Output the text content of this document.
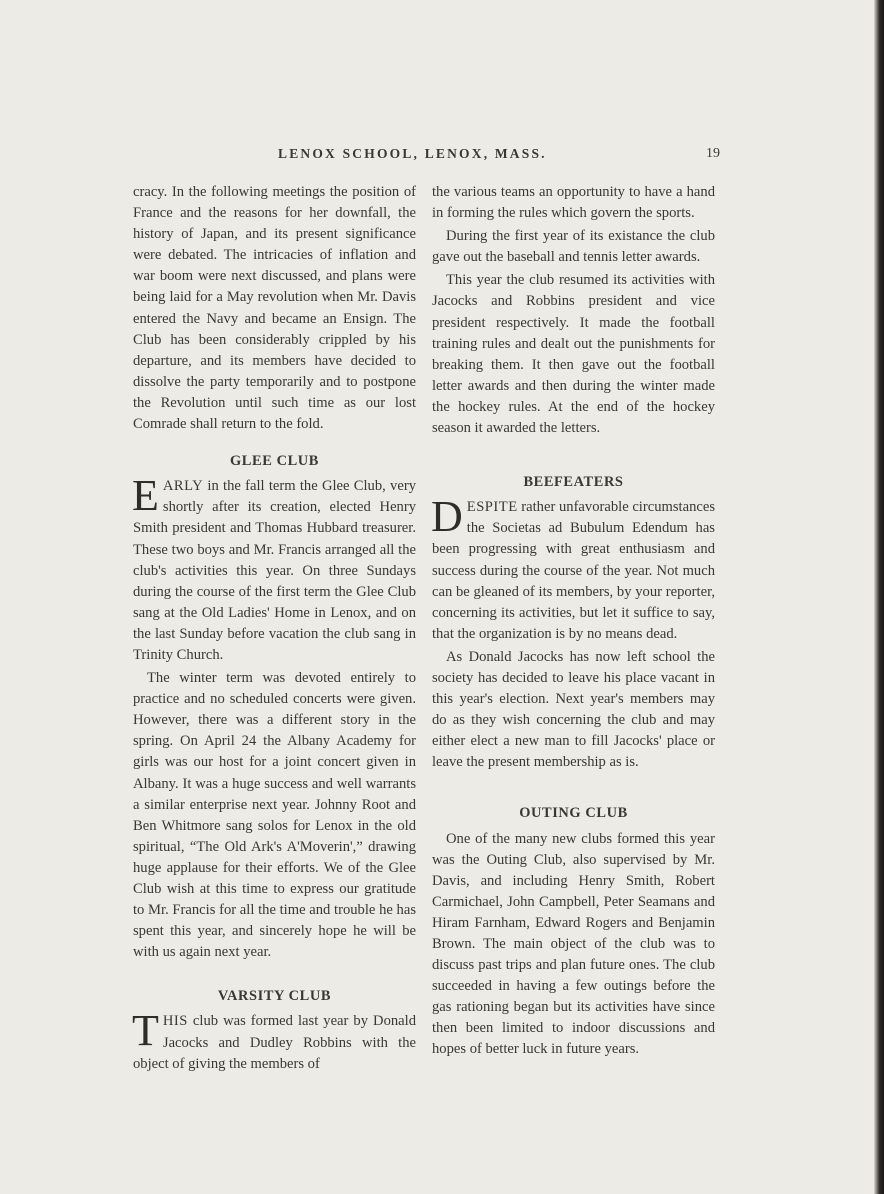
LENOX SCHOOL, LENOX, MASS.	19

cracy. In the following meetings the position of France and the reasons for her downfall, the history of Japan, and its present significance were debated. The intricacies of inflation and war boom were next discussed, and plans were being laid for a May revolution when Mr. Davis entered the Navy and became an Ensign. The Club has been considerably crippled by his departure, and its members have decided to dissolve the party temporarily and to postpone the Revolution until such time as our lost Comrade shall return to the fold.

GLEE CLUB

EARLY in the fall term the Glee Club, very shortly after its creation, elected Henry Smith president and Thomas Hubbard treasurer. These two boys and Mr. Francis arranged all the club's activities this year. On three Sundays during the course of the first term the Glee Club sang at the Old Ladies' Home in Lenox, and on the last Sunday before vacation the club sang in Trinity Church.

The winter term was devoted entirely to practice and no scheduled concerts were given. However, there was a different story in the spring. On April 24 the Albany Academy for girls was our host for a joint concert given in Albany. It was a huge success and well warrants a similar enterprise next year. Johnny Root and Ben Whitmore sang solos for Lenox in the old spiritual, “The Old Ark's A'Moverin',” drawing huge applause for their efforts. We of the Glee Club wish at this time to express our gratitude to Mr. Francis for all the time and trouble he has spent this year, and sincerely hope he will be with us again next year.

VARSITY CLUB

THIS club was formed last year by Donald Jacocks and Dudley Robbins with the object of giving the members of

the various teams an opportunity to have a hand in forming the rules which govern the sports.

During the first year of its existance the club gave out the baseball and tennis letter awards.

This year the club resumed its activities with Jacocks and Robbins president and vice president respectively. It made the football training rules and dealt out the punishments for breaking them. It then gave out the football letter awards and then during the winter made the hockey rules. At the end of the hockey season it awarded the letters.

BEEFEATERS

DESPITE rather unfavorable circumstances the Societas ad Bubulum Edendum has been progressing with great enthusiasm and success during the course of the year. Not much can be gleaned of its members, by your reporter, concerning its activities, but let it suffice to say, that the organization is by no means dead.

As Donald Jacocks has now left school the society has decided to leave his place vacant in this year's election. Next year's members may do as they wish concerning the club and may either elect a new man to fill Jacocks' place or leave the present membership as is.

OUTING CLUB

One of the many new clubs formed this year was the Outing Club, also supervised by Mr. Davis, and including Henry Smith, Robert Carmichael, John Campbell, Peter Seamans and Hiram Farnham, Edward Rogers and Benjamin Brown. The main object of the club was to discuss past trips and plan future ones. The club succeeded in having a few outings before the gas rationing began but its activities have since then been limited to indoor discussions and hopes of better luck in future years.
